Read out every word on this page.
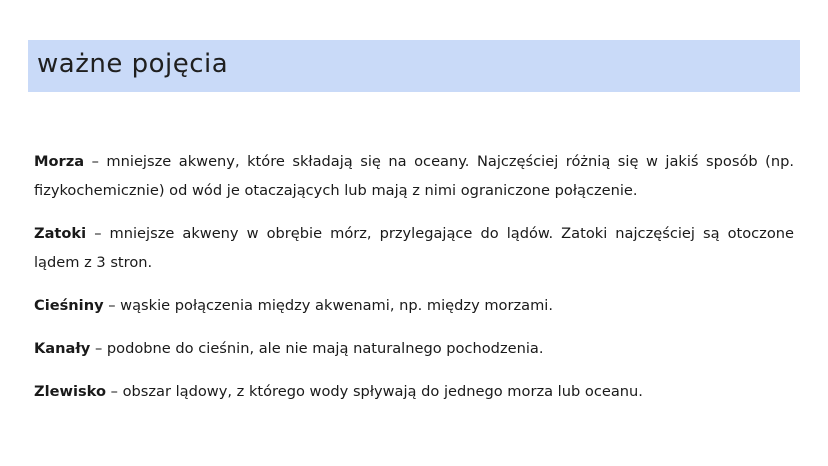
ważne pojęcia

Morza – mniejsze akweny, które składają się na oceany. Najczęściej różnią się w jakiś sposób (np. fizykochemicznie) od wód je otaczających lub mają z nimi ograniczone połączenie.

Zatoki – mniejsze akweny w obrębie mórz, przylegające do lądów. Zatoki najczęściej są otoczone lądem z 3 stron.

Cieśniny – wąskie połączenia między akwenami, np. między morzami.

Kanały – podobne do cieśnin, ale nie mają naturalnego pochodzenia.

Zlewisko – obszar lądowy, z którego wody spływają do jednego morza lub oceanu.
